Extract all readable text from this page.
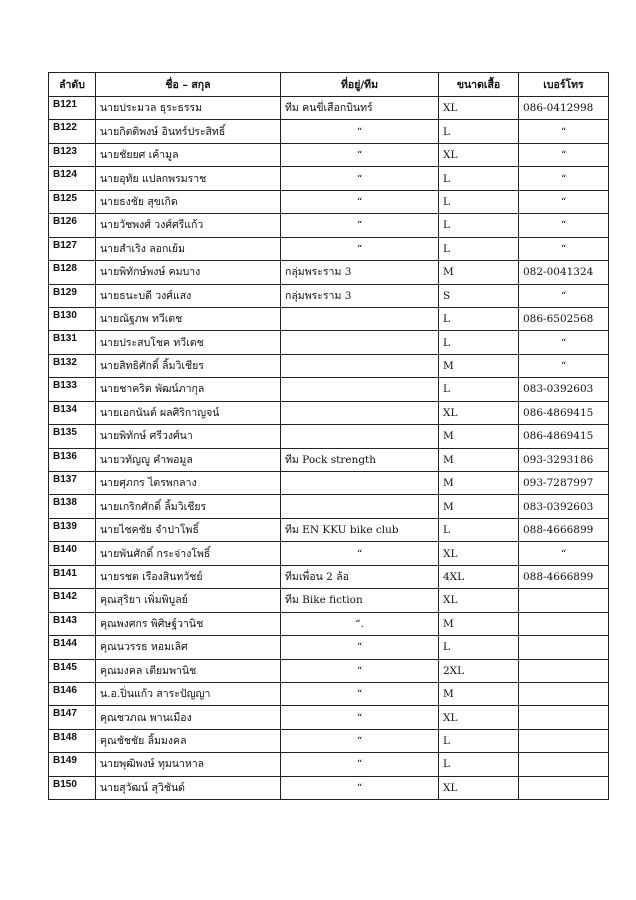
ลำดับ	ชื่อ – สกุล	ที่อยู่/ทีม	ขนาดเสื้อ	เบอร์โทร
B121	นายประมวล ธุระธรรม	ทีม คนขี่เสือกบินทร์	XL	086-0412998
B122	นายกิตติพงษ์ อินทร์ประสิทธิ์	“	L	“
B123	นายชัยยศ เค้ามูล	“	XL	“
B124	นายอุทัย แปลกพรมราช	“	L	“
B125	นายธงชัย สุขเกิด	“	L	“
B126	นายวัชพงศ์ วงศ์ศรีแก้ว	“	L	“
B127	นายสำเริง ลอกเย้ม	“	L	“
B128	นายพิทักษ์พงษ์ คมบาง	กลุ่มพระราม 3	M	082-0041324
B129	นายธนะบดี วงศ์แสง	กลุ่มพระราม 3	S	“
B130	นายณัฐภพ ทวีเดช		L	086-6502568
B131	นายประสบโชค ทวีเดช		L	“
B132	นายสิทธิศักดิ์ ลิ้มวิเชียร		M	“
B133	นายชาคริต พัฒน์ภากุล		L	083-0392603
B134	นายเอกนันต์ ผลศิริกาญจน์		XL	086-4869415
B135	นายพิทักษ์ ศรีวงศ์นา		M	086-4869415
B136	นายวทัญญู คำพอมูล	ทีม Pock strength	M	093-3293186
B137	นายศุภกร ไตรพกลาง		M	093-7287997
B138	นายเกริกศักดิ์ ลิ้มวิเชียร		M	083-0392603
B139	นายไชคชัย จำปาโพธิ์	ทีม EN KKU bike club	L	088-4666899
B140	นายพันศักดิ์ กระจ่างโพธิ์	“	XL	“
B141	นายรชต เรืองสินทวัชย์	ทีมเพื่อน 2 ล้อ	4XL	088-4666899
B142	คุณสุริยา เพิ่มพิบูลย์	ทีม Bike fiction	XL	
B143	คุณพงศกร พิศิษฐ์วานิช	“.	M	
B144	คุณนวรรธ หอมเลิศ	“	L	
B145	คุณมงคล เตียมพานิช	“	2XL	
B146	น.อ.ปิ่นแก้ว สาระปัญญา	“	M	
B147	คุณชวภณ พานเมือง	“	XL	
B148	คุณชัชชัย ลิ้มมงคล	“	L	
B149	นายพุฒิพงษ์ ทุมนาหาล	“	L	
B150	นายสุวัฒน์ สุวิชันด์	“	XL	
